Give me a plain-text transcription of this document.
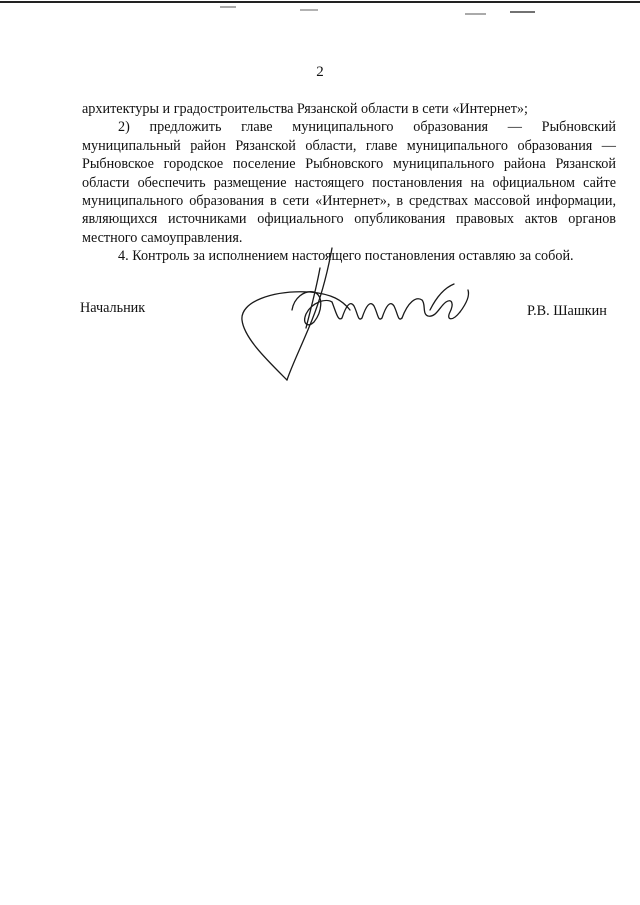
2

архитектуры и градостроительства Рязанской области в сети «Интернет»;

2) предложить главе муниципального образования — Рыбновский муниципальный район Рязанской области, главе муниципального образования — Рыбновское городское поселение Рыбновского муниципального района Рязанской области обеспечить размещение настоящего постановления на официальном сайте муниципального образования в сети «Интернет», в средствах массовой информации, являющихся источниками официального опубликования правовых актов органов местного самоуправления.

4. Контроль за исполнением настоящего постановления оставляю за собой.

Начальник	Р.В. Шашкин
